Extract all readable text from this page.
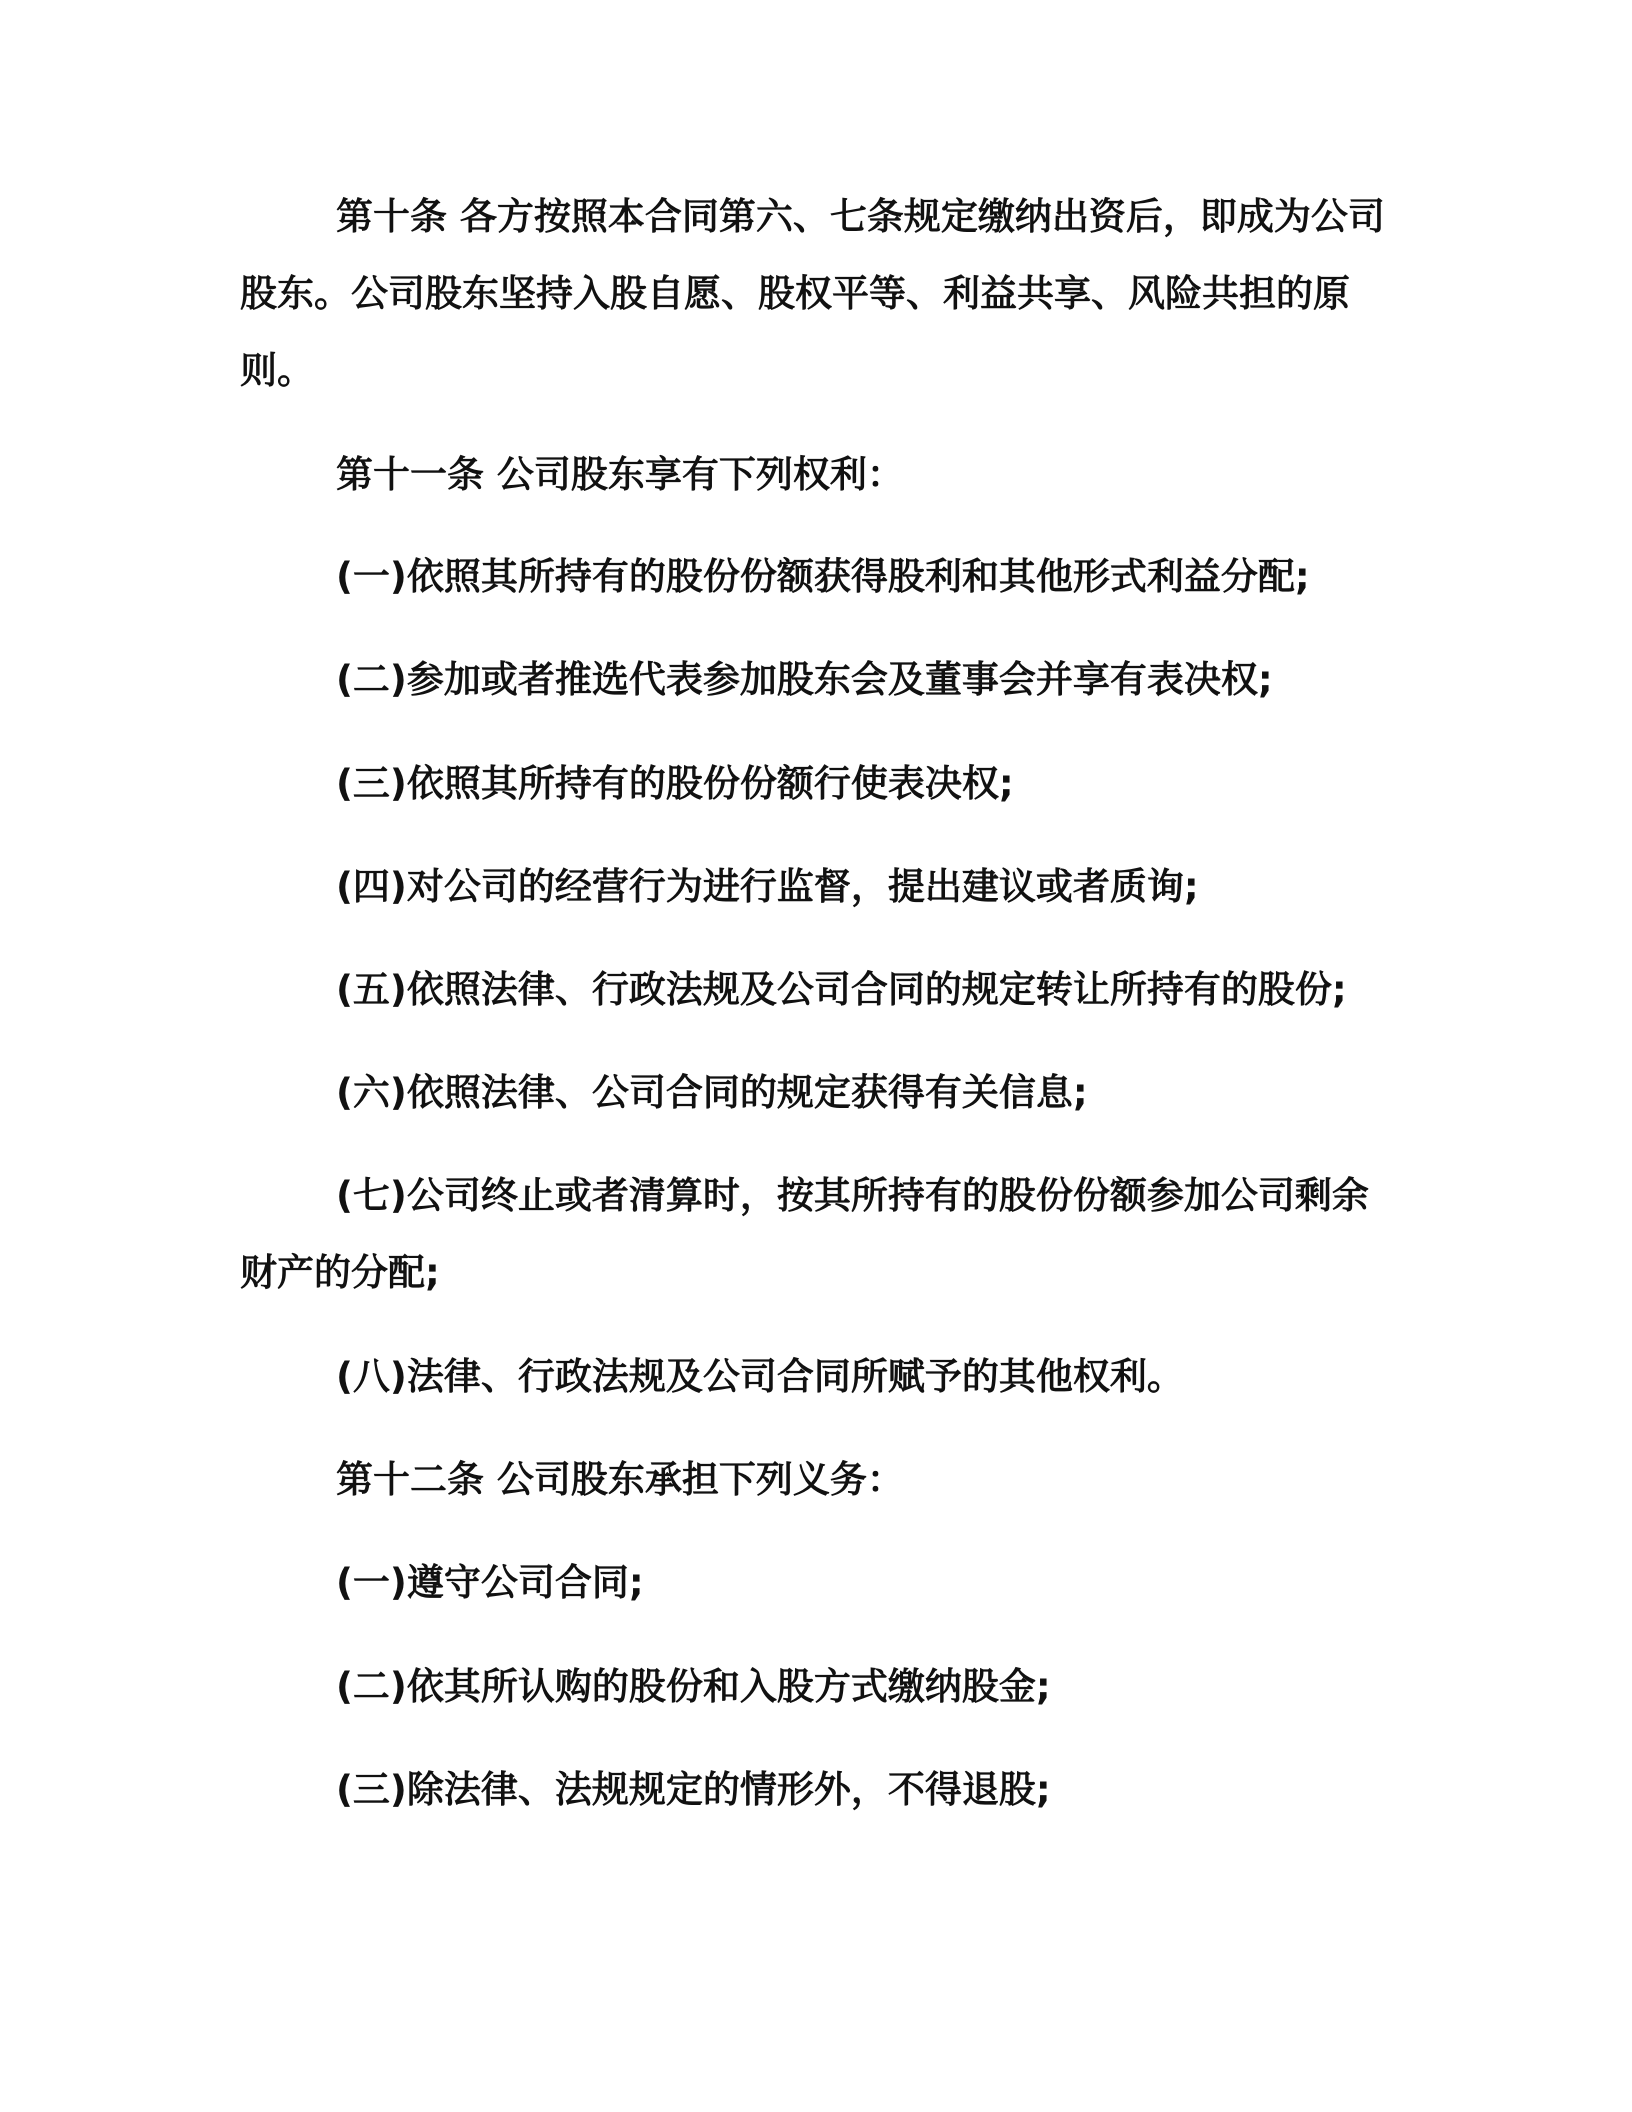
第十条 各方按照本合同第六、七条规定缴纳出资后，即成为公司股东。公司股东坚持入股自愿、股权平等、利益共享、风险共担的原则。

第十一条 公司股东享有下列权利：

(一)依照其所持有的股份份额获得股利和其他形式利益分配;

(二)参加或者推选代表参加股东会及董事会并享有表决权;

(三)依照其所持有的股份份额行使表决权;

(四)对公司的经营行为进行监督，提出建议或者质询;

(五)依照法律、行政法规及公司合同的规定转让所持有的股份;

(六)依照法律、公司合同的规定获得有关信息;

(七)公司终止或者清算时，按其所持有的股份份额参加公司剩余财产的分配;

(八)法律、行政法规及公司合同所赋予的其他权利。

第十二条 公司股东承担下列义务：

(一)遵守公司合同;

(二)依其所认购的股份和入股方式缴纳股金;

(三)除法律、法规规定的情形外，不得退股;
